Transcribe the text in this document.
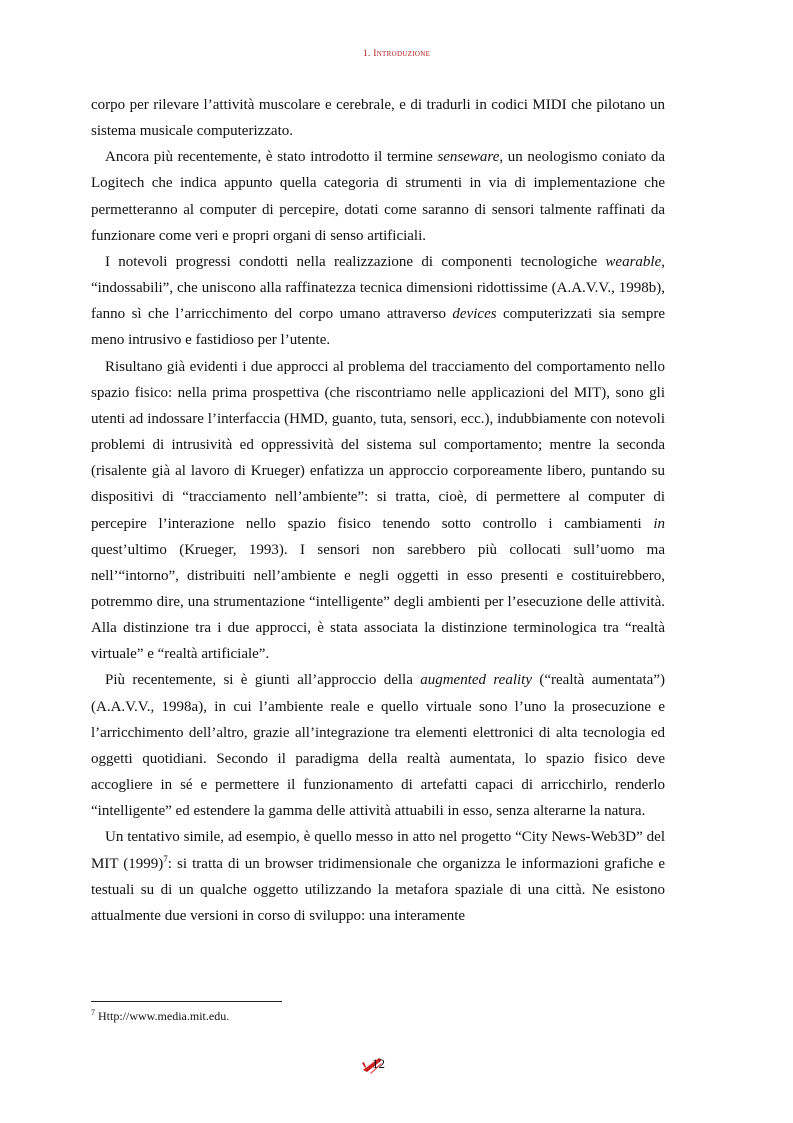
1. Introduzione

corpo per rilevare l’attività muscolare e cerebrale, e di tradurli in codici MIDI che pilotano un sistema musicale computerizzato.

Ancora più recentemente, è stato introdotto il termine senseware, un neologismo coniato da Logitech che indica appunto quella categoria di strumenti in via di implementazione che permetteranno al computer di percepire, dotati come saranno di sensori talmente raffinati da funzionare come veri e propri organi di senso artificiali.

I notevoli progressi condotti nella realizzazione di componenti tecnologiche wearable, “indossabili”, che uniscono alla raffinatezza tecnica dimensioni ridottissime (A.A.V.V., 1998b), fanno sì che l’arricchimento del corpo umano attraverso devices computerizzati sia sempre meno intrusivo e fastidioso per l’utente.

Risultano già evidenti i due approcci al problema del tracciamento del comportamento nello spazio fisico: nella prima prospettiva (che riscontriamo nelle applicazioni del MIT), sono gli utenti ad indossare l’interfaccia (HMD, guanto, tuta, sensori, ecc.), indubbiamente con notevoli problemi di intrusività ed oppressività del sistema sul comportamento; mentre la seconda (risalente già al lavoro di Krueger) enfatizza un approccio corporeamente libero, puntando su dispositivi di “tracciamento nell’ambiente”: si tratta, cioè, di permettere al computer di percepire l’interazione nello spazio fisico tenendo sotto controllo i cambiamenti in quest’ultimo (Krueger, 1993). I sensori non sarebbero più collocati sull’uomo ma nell’“intorno”, distribuiti nell’ambiente e negli oggetti in esso presenti e costituirebbero, potremmo dire, una strumentazione “intelligente” degli ambienti per l’esecuzione delle attività. Alla distinzione tra i due approcci, è stata associata la distinzione terminologica tra “realtà virtuale” e “realtà artificiale”.

Più recentemente, si è giunti all’approccio della augmented reality (“realtà aumentata”) (A.A.V.V., 1998a), in cui l’ambiente reale e quello virtuale sono l’uno la prosecuzione e l’arricchimento dell’altro, grazie all’integrazione tra elementi elettronici di alta tecnologia ed oggetti quotidiani. Secondo il paradigma della realtà aumentata, lo spazio fisico deve accogliere in sé e permettere il funzionamento di artefatti capaci di arricchirlo, renderlo “intelligente” ed estendere la gamma delle attività attuabili in esso, senza alterarne la natura.

Un tentativo simile, ad esempio, è quello messo in atto nel progetto “City News-Web3D” del MIT $(1999)^7$: si tratta di un browser tridimensionale che organizza le informazioni grafiche e testuali su di un qualche oggetto utilizzando la metafora spaziale di una città. Ne esistono attualmente due versioni in corso di sviluppo: una interamente

$^7$ Http://www.media.mit.edu.
12
